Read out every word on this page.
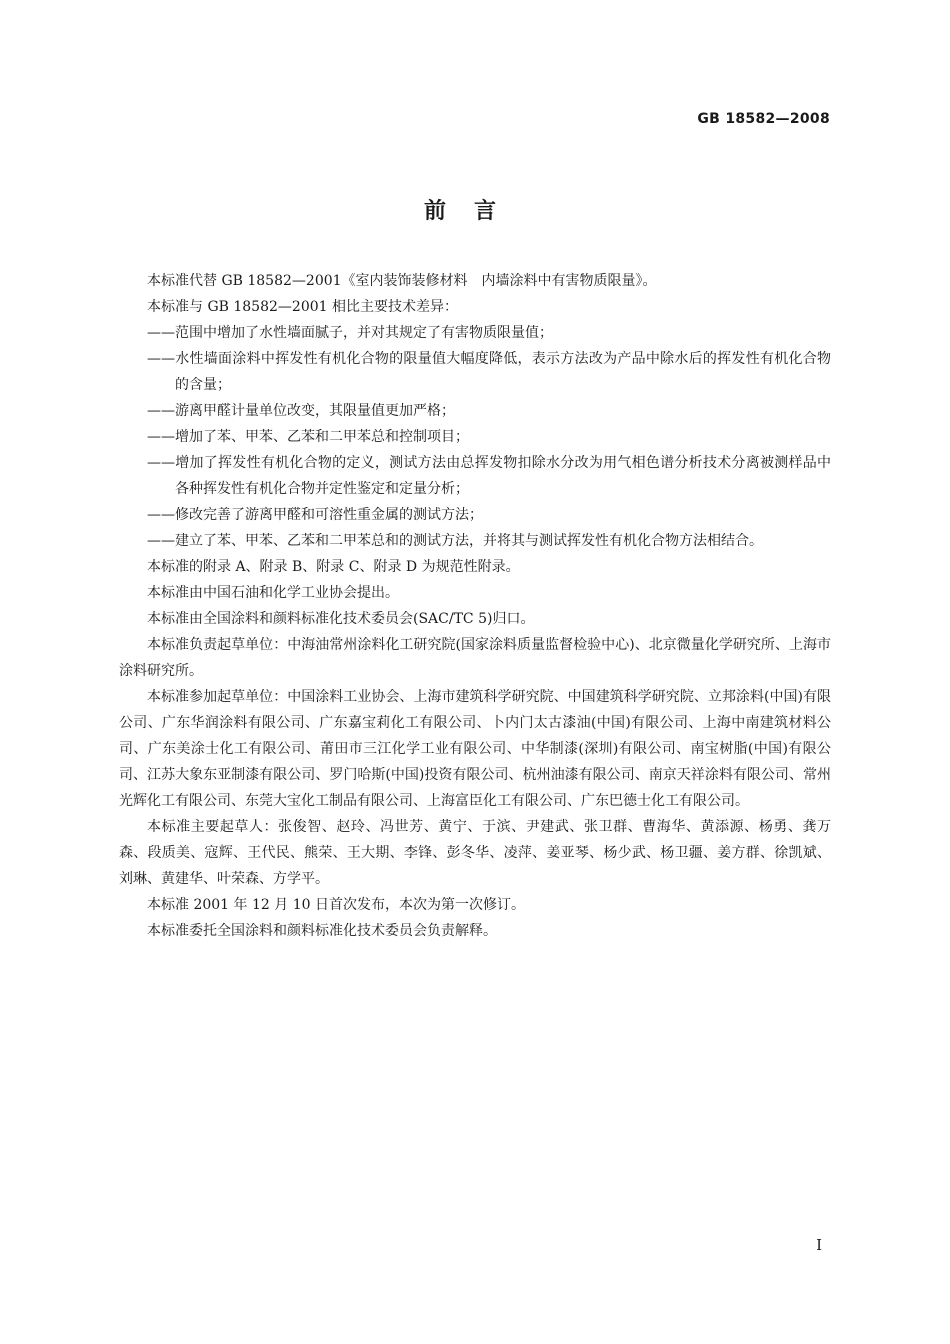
GB 18582—2008
前言

本标准代替 GB 18582—2001《室内装饰装修材料　内墙涂料中有害物质限量》。

本标准与 GB 18582—2001 相比主要技术差异：

——范围中增加了水性墙面腻子，并对其规定了有害物质限量值；

——水性墙面涂料中挥发性有机化合物的限量值大幅度降低，表示方法改为产品中除水后的挥发性有机化合物的含量；

——游离甲醛计量单位改变，其限量值更加严格；

——增加了苯、甲苯、乙苯和二甲苯总和控制项目；

——增加了挥发性有机化合物的定义，测试方法由总挥发物扣除水分改为用气相色谱分析技术分离被测样品中各种挥发性有机化合物并定性鉴定和定量分析；

——修改完善了游离甲醛和可溶性重金属的测试方法；

——建立了苯、甲苯、乙苯和二甲苯总和的测试方法，并将其与测试挥发性有机化合物方法相结合。

本标准的附录 A、附录 B、附录 C、附录 D 为规范性附录。

本标准由中国石油和化学工业协会提出。

本标准由全国涂料和颜料标准化技术委员会(SAC/TC 5)归口。

本标准负责起草单位：中海油常州涂料化工研究院(国家涂料质量监督检验中心)、北京微量化学研究所、上海市涂料研究所。

本标准参加起草单位：中国涂料工业协会、上海市建筑科学研究院、中国建筑科学研究院、立邦涂料(中国)有限公司、广东华润涂料有限公司、广东嘉宝莉化工有限公司、卜内门太古漆油(中国)有限公司、上海中南建筑材料公司、广东美涂士化工有限公司、莆田市三江化学工业有限公司、中华制漆(深圳)有限公司、南宝树脂(中国)有限公司、江苏大象东亚制漆有限公司、罗门哈斯(中国)投资有限公司、杭州油漆有限公司、南京天祥涂料有限公司、常州光辉化工有限公司、东莞大宝化工制品有限公司、上海富臣化工有限公司、广东巴德士化工有限公司。

本标准主要起草人：张俊智、赵玲、冯世芳、黄宁、于滨、尹建武、张卫群、曹海华、黄添源、杨勇、龚万森、段质美、寇辉、王代民、熊荣、王大期、李锋、彭冬华、凌萍、姜亚琴、杨少武、杨卫疆、姜方群、徐凯斌、刘琳、黄建华、叶荣森、方学平。

本标准 2001 年 12 月 10 日首次发布，本次为第一次修订。

本标准委托全国涂料和颜料标准化技术委员会负责解释。

I
